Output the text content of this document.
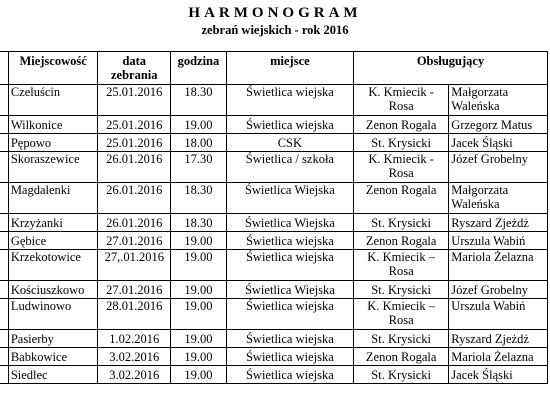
HARMONOGRAM
zebrań wiejskich - rok 2016
	Miejscowość	data
zebrania	godzina	miejsce	Obsługujący	
	Czeluścin	25.01.2016	18.30	Świetlica wiejska	K. Kmiecik -
Rosa	Małgorzata
Waleńska
	Wilkonice	25.01.2016	19.00	Świetlica wiejska	Zenon Rogala	Grzegorz Matus
	Pępowo	25.01.2016	18.00	CSK	St. Krysicki	Jacek Śląski
	Skoraszewice	26.01.2016	17.30	Świetlica / szkoła	K. Kmiecik -
Rosa	Józef Grobelny
	Magdalenki	26.01.2016	18.30	Świetlica Wiejska	Zenon Rogala	Małgorzata
Waleńska
	Krzyżanki	26.01.2016	18.30	Świetlica Wiejska	St. Krysicki	Ryszard Zjeżdż
	Gębice	27.01.2016	19.00	Świetlica wiejska	Zenon Rogala	Urszula Wabiń
	Krzekotowice	27,.01.2016	19.00	Świetlica wiejska	K. Kmiecik –
Rosa	Mariola Żelazna
	Kościuszkowo	27.01.2016	19.00	Świetlica Wiejska	St. Krysicki	Józef Grobelny
	Ludwinowo	28.01.2016	19.00	Świetlica wiejska	K. Kmiecik –
Rosa	Urszula Wabiń
	Pasierby	1.02.2016	19.00	Świetlica wiejska	St. Krysicki	Ryszard Zjeżdż
	Babkowice	3.02.2016	19.00	Świetlica wiejska	Zenon Rogala	Mariola Żelazna
	Siedlec	3.02.2016	19.00	Świetlica wiejska	St. Krysicki	Jacek Śląski
